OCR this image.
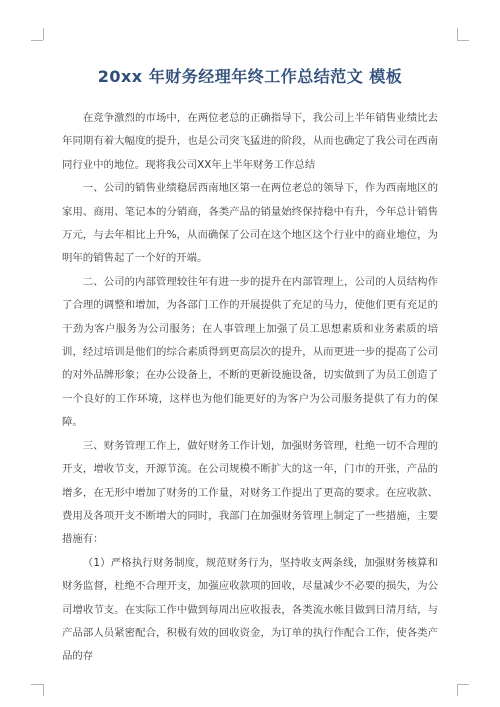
20xx 年财务经理年终工作总结范文 模板

在竞争激烈的市场中，在两位老总的正确指导下，我公司上半年销售业绩比去年同期有着大幅度的提升，也是公司突飞猛进的阶段，从而也确定了我公司在西南同行业中的地位。现将我公司XX年上半年财务工作总结

一、公司的销售业绩稳居西南地区第一在两位老总的领导下，作为西南地区的家用、商用、笔记本的分销商，各类产品的销量始终保持稳中有升，今年总计销售万元，与去年相比上升%，从而确保了公司在这个地区这个行业中的商业地位，为明年的销售起了一个好的开端。

二、公司的内部管理较往年有进一步的提升在内部管理上，公司的人员结构作了合理的调整和增加，为各部门工作的开展提供了充足的马力，使他们更有充足的干劲为客户服务为公司服务；在人事管理上加强了员工思想素质和业务素质的培训，经过培训是他们的综合素质得到更高层次的提升，从而更进一步的提高了公司的对外品牌形象；在办公设备上，不断的更新设施设备，切实做到了为员工创造了一个良好的工作环境，这样也为他们能更好的为客户为公司服务提供了有力的保障。

三、财务管理工作上，做好财务工作计划，加强财务管理，杜绝一切不合理的开支，增收节支，开源节流。在公司规模不断扩大的这一年，门市的开张，产品的增多，在无形中增加了财务的工作量，对财务工作提出了更高的要求。在应收款、费用及各项开支不断增大的同时，我部门在加强财务管理上制定了一些措施，主要措施有：

（1）严格执行财务制度，规范财务行为，坚持收支两条线，加强财务核算和财务监督，杜绝不合理开支，加强应收款项的回收，尽量减少不必要的损失，为公司增收节支。在实际工作中做到每周出应收报表，各类流水帐目做到日清月结，与产品部人员紧密配合，积极有效的回收资金，为订单的执行作配合工作，使各类产品的存
